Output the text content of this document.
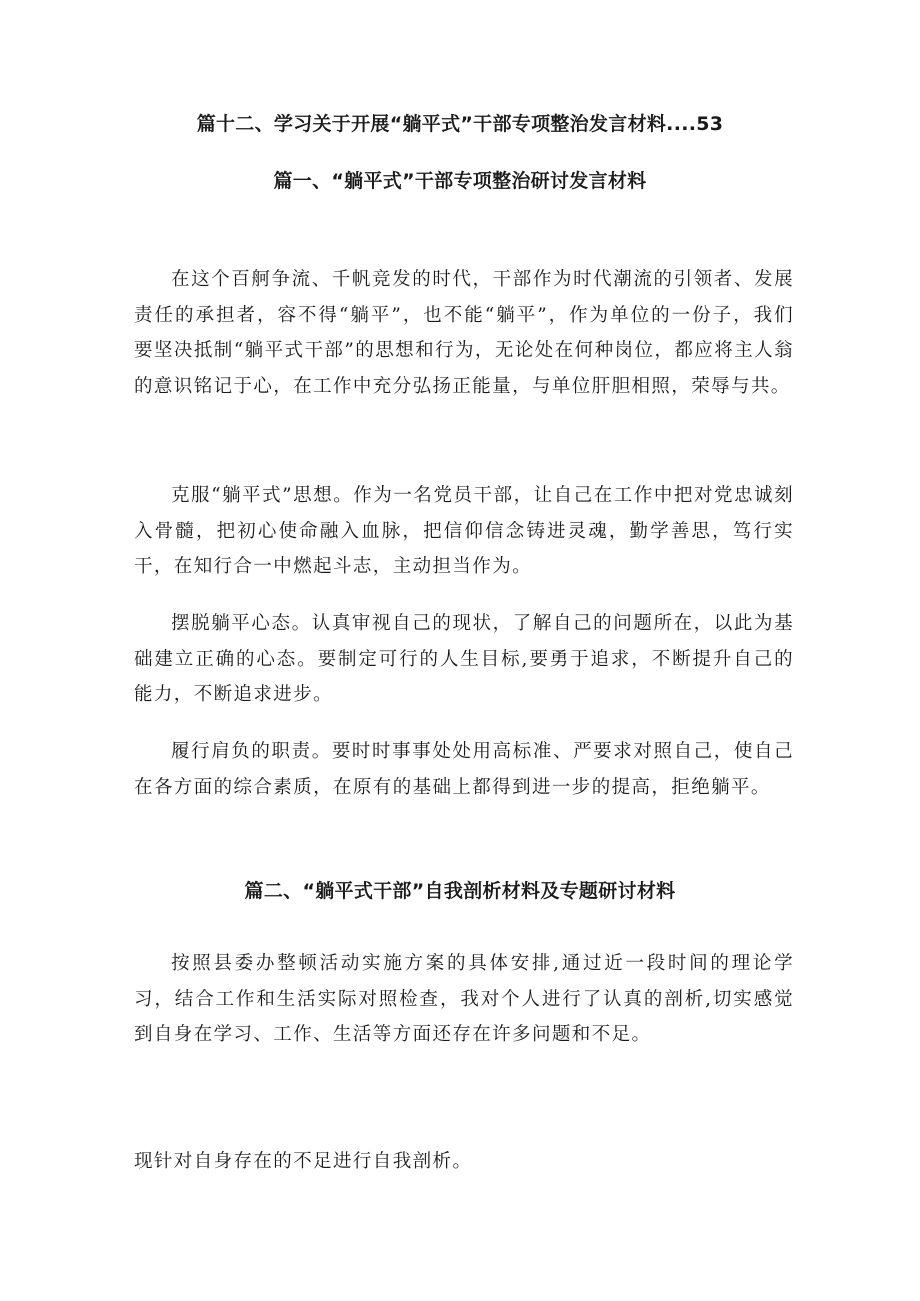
篇十二、学习关于开展“躺平式”干部专项整治发言材料....53
篇一、“躺平式”干部专项整治研讨发言材料

在这个百舸争流、千帆竞发的时代，干部作为时代潮流的引领者、发展责任的承担者，容不得“躺平”，也不能“躺平”，作为单位的一份子，我们要坚决抵制“躺平式干部”的思想和行为，无论处在何种岗位，都应将主人翁的意识铭记于心，在工作中充分弘扬正能量，与单位肝胆相照，荣辱与共。

克服“躺平式”思想。作为一名党员干部，让自己在工作中把对党忠诚刻入骨髓，把初心使命融入血脉，把信仰信念铸进灵魂，勤学善思，笃行实干，在知行合一中燃起斗志，主动担当作为。

摆脱躺平心态。认真审视自己的现状，了解自己的问题所在，以此为基础建立正确的心态。要制定可行的人生目标,要勇于追求，不断提升自己的能力，不断追求进步。

履行肩负的职责。要时时事事处处用高标准、严要求对照自己，使自己在各方面的综合素质，在原有的基础上都得到进一步的提高，拒绝躺平。

篇二、“躺平式干部”自我剖析材料及专题研讨材料

按照县委办整顿活动实施方案的具体安排,通过近一段时间的理论学习，结合工作和生活实际对照检查，我对个人进行了认真的剖析,切实感觉到自身在学习、工作、生活等方面还存在许多问题和不足。

现针对自身存在的不足进行自我剖析。
